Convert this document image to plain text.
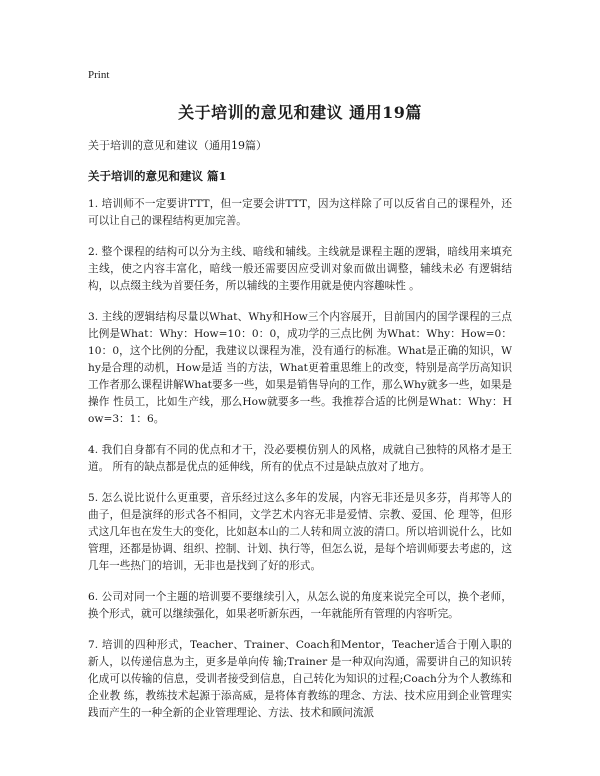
Print
关于培训的意见和建议 通用19篇
关于培训的意见和建议（通用19篇）
关于培训的意见和建议 篇1

1. 培训师不一定要讲TTT，但一定要会讲TTT，因为这样除了可以反省自己的课程外，还可以让自己的课程结构更加完善。

2. 整个课程的结构可以分为主线、暗线和辅线。主线就是课程主题的逻辑，暗线用来填充主线，使之内容丰富化，暗线一般还需要因应受训对象而做出调整，辅线未必 有逻辑结构，以点缀主线为首要任务，所以辅线的主要作用就是使内容趣味性 。

3. 主线的逻辑结构尽量以What、Why和How三个内容展开，目前国内的国学课程的三点比例是What：Why：How=10：0：0，成功学的三点比例 为What：Why：How=0：10：0，这个比例的分配，我建议以课程为准，没有通行的标准。What是正确的知识，Why是合理的动机，How是适 当的方法，What更着重思维上的改变，特别是高学历高知识工作者那么课程讲解What要多一些，如果是销售导向的工作，那么Why就多一些，如果是操作 性员工，比如生产线，那么How就要多一些。我推荐合适的比例是What：Why：How=3：1：6。

4. 我们自身都有不同的优点和才干，没必要模仿别人的风格，成就自己独特的风格才是王道。 所有的缺点都是优点的延伸线，所有的优点不过是缺点放对了地方。

5. 怎么说比说什么更重要，音乐经过这么多年的发展，内容无非还是贝多芬，肖邦等人的曲子，但是演绎的形式各不相同，文学艺术内容无非是爱情、宗教、爱国、伦 理等，但形式这几年也在发生大的变化，比如赵本山的二人转和周立波的清口。所以培训说什么，比如管理，还都是协调、组织、控制、计划、执行等，但怎么说，是每个培训师要去考虑的，这几年一些热门的培训，无非也是找到了好的形式。

6. 公司对同一个主题的培训要不要继续引入，从怎么说的角度来说完全可以，换个老师，换个形式，就可以继续强化，如果老听新东西，一年就能所有管理的内容听完。

7. 培训的四种形式，Teacher、Trainer、Coach和Mentor，Teacher适合于刚入职的新人，以传递信息为主，更多是单向传 输;Trainer 是一种双向沟通，需要讲自己的知识转化成可以传输的信息，受训者接受到信息，自己转化为知识的过程;Coach分为个人教练和企业教 练，教练技术起源于添高威，是将体育教练的理念、方法、技术应用到企业管理实践而产生的一种全新的企业管理理论、方法、技术和顾问流派
